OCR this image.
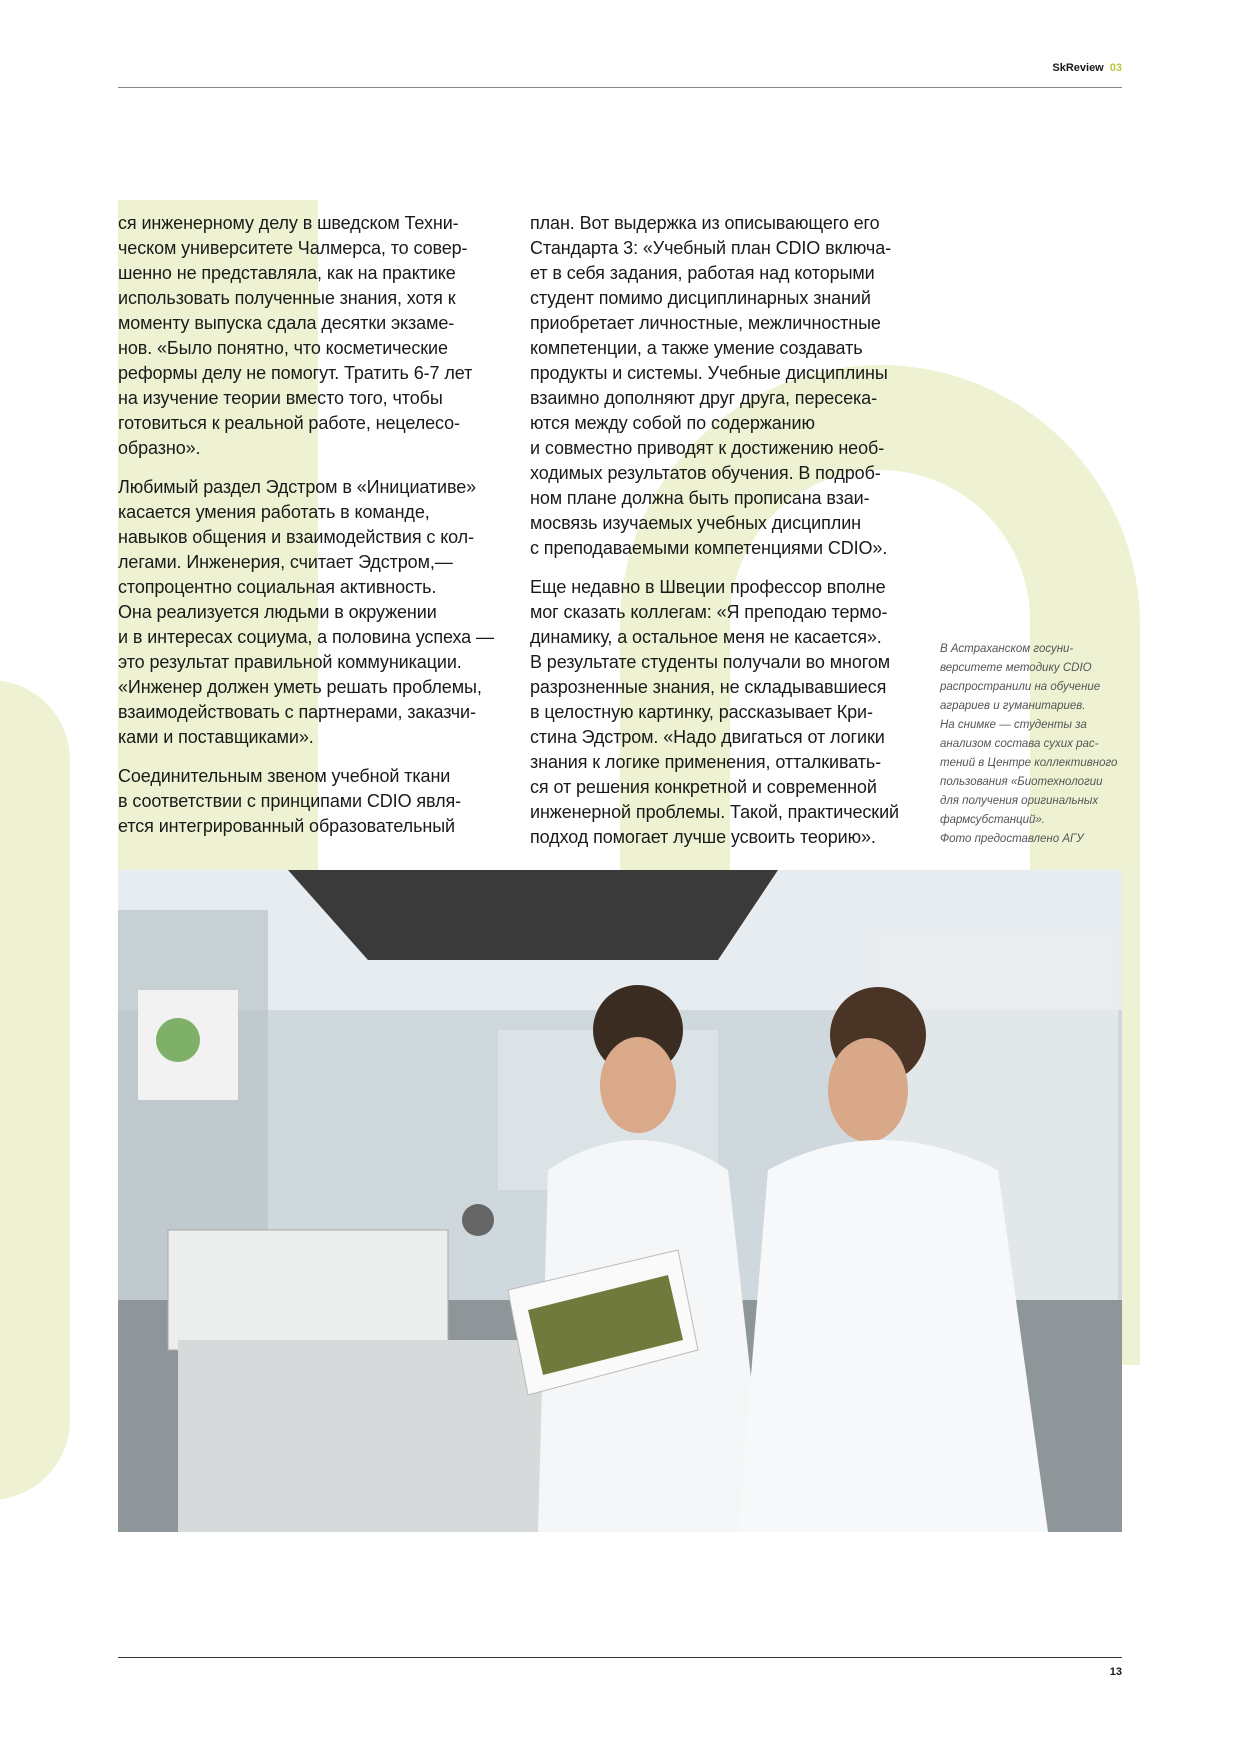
SkReview 03

ся инженерному делу в шведском Техни-
ческом университете Чалмерса, то совер-
шенно не представляла, как на практике
использовать полученные знания, хотя к
моменту выпуска сдала десятки экзаме-
нов. «Было понятно, что косметические
реформы делу не помогут. Тратить 6-7 лет
на изучение теории вместо того, чтобы
готовиться к реальной работе, нецелесо-
образно».

Любимый раздел Эдстром в «Инициативе»
касается умения работать в команде,
навыков общения и взаимодействия с кол-
легами. Инженерия, считает Эдстром,—
стопроцентно социальная активность.
Она реализуется людьми в окружении
и в интересах социума, а половина успеха —
это результат правильной коммуникации.
«Инженер должен уметь решать проблемы,
взаимодействовать с партнерами, заказчи-
ками и поставщиками».

Соединительным звеном учебной ткани
в соответствии с принципами CDIO явля-
ется интегрированный образовательный

план. Вот выдержка из описывающего его
Стандарта 3: «Учебный план CDIO включа-
ет в себя задания, работая над которыми
студент помимо дисциплинарных знаний
приобретает личностные, межличностные
компетенции, а также умение создавать
продукты и системы. Учебные дисциплины
взаимно дополняют друг друга, пересека-
ются между собой по содержанию
и совместно приводят к достижению необ-
ходимых результатов обучения. В подроб-
ном плане должна быть прописана взаи-
мосвязь изучаемых учебных дисциплин
с преподаваемыми компетенциями CDIO».

Еще недавно в Швеции профессор вполне
мог сказать коллегам: «Я преподаю термо-
динамику, а остальное меня не касается».
В результате студенты получали во многом
разрозненные знания, не складывавшиеся
в целостную картинку, рассказывает Кри-
стина Эдстром. «Надо двигаться от логики
знания к логике применения, отталкивать-
ся от решения конкретной и современной
инженерной проблемы. Такой, практический
подход помогает лучше усвоить теорию».

В Астраханском госуни-
верситете методику CDIO
распространили на обучение
аграриев и гуманитариев.
На снимке — студенты за
анализом состава сухих рас-
тений в Центре коллективного
пользования «Биотехнологии
для получения оригинальных
фармсубстанций».
Фото предоставлено АГУ
13
